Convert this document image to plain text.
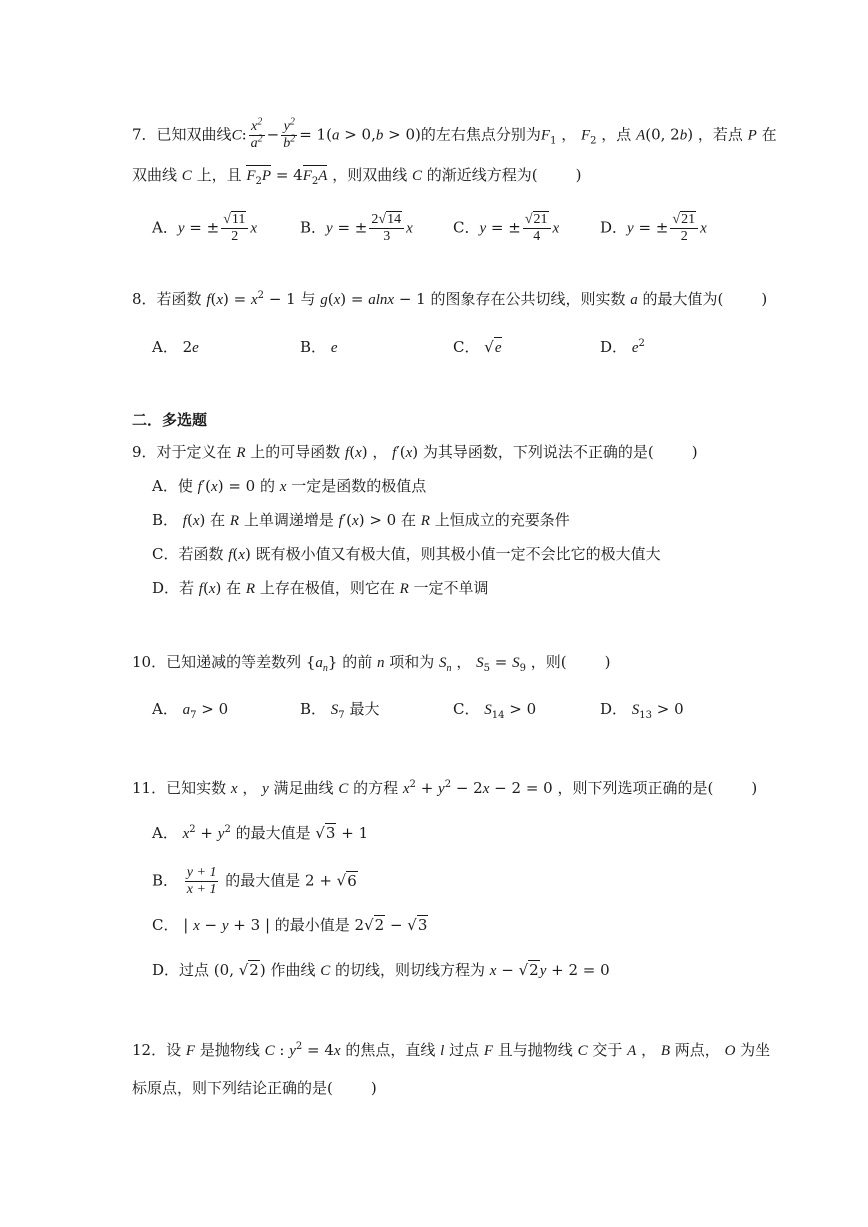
7．已知双曲线C: $\frac{x^2}{a^2} - \frac{y^2}{b^2} = 1(a > 0,b > 0)$的左右焦点分别为$F_1$ ， $F_2$ ，点 A(0, 2b) ，若点 P 在
双曲线 C 上，且 $F_2P = 4F_2A$ ，则双曲线 C 的渐近线方程为(	)
A．y = ± $\frac{√11}{2}$ x	B．y = ± $\frac{2√14}{3}$ x	C．y = ± $\frac{√21}{4}$ x	D．y = ± $\frac{√21}{2}$ x
8．若函数 $f(x) = x^2 - 1$ 与 g(x) = alnx − 1 的图象存在公共切线，则实数 a 的最大值为(	)
A． 2e	B． e	C． √e	D． $e^2$
二．多选题
9．对于定义在 R 上的可导函数 f(x) ， f′(x) 为其导函数，下列说法不正确的是(	)
A．使 f′(x) = 0 的 x 一定是函数的极值点
B． f(x) 在 R 上单调递增是 f′(x) > 0 在 R 上恒成立的充要条件
C．若函数 f(x) 既有极小值又有极大值，则其极小值一定不会比它的极大值大
D．若 f(x) 在 R 上存在极值，则它在 R 一定不单调
10．已知递减的等差数列 $\{a_n\}$ 的前 n 项和为 $S_n$ ， $S_5 = S_9$ ，则(	)
A． $a_7 > 0$	B． $S_7$ 最大	C． $S_{14} > 0$	D． $S_{13} > 0$
11．已知实数 x ， y 满足曲线 C 的方程 $x^2 + y^2 - 2x - 2 = 0$ ，则下列选项正确的是(	)
A． $x^2 + y^2$ 的最大值是 √3 + 1
B． $\frac{y + 1}{x + 1}$ 的最大值是 2 + √6
C． | x − y + 3 | 的最小值是 2√2 − √3
D．过点 (0, √2) 作曲线 C 的切线，则切线方程为 x − √2y + 2 = 0
12．设 F 是抛物线 C : $y^2 = 4x$ 的焦点，直线 l 过点 F 且与抛物线 C 交于 A ， B 两点， O 为坐
标原点，则下列结论正确的是(	)
